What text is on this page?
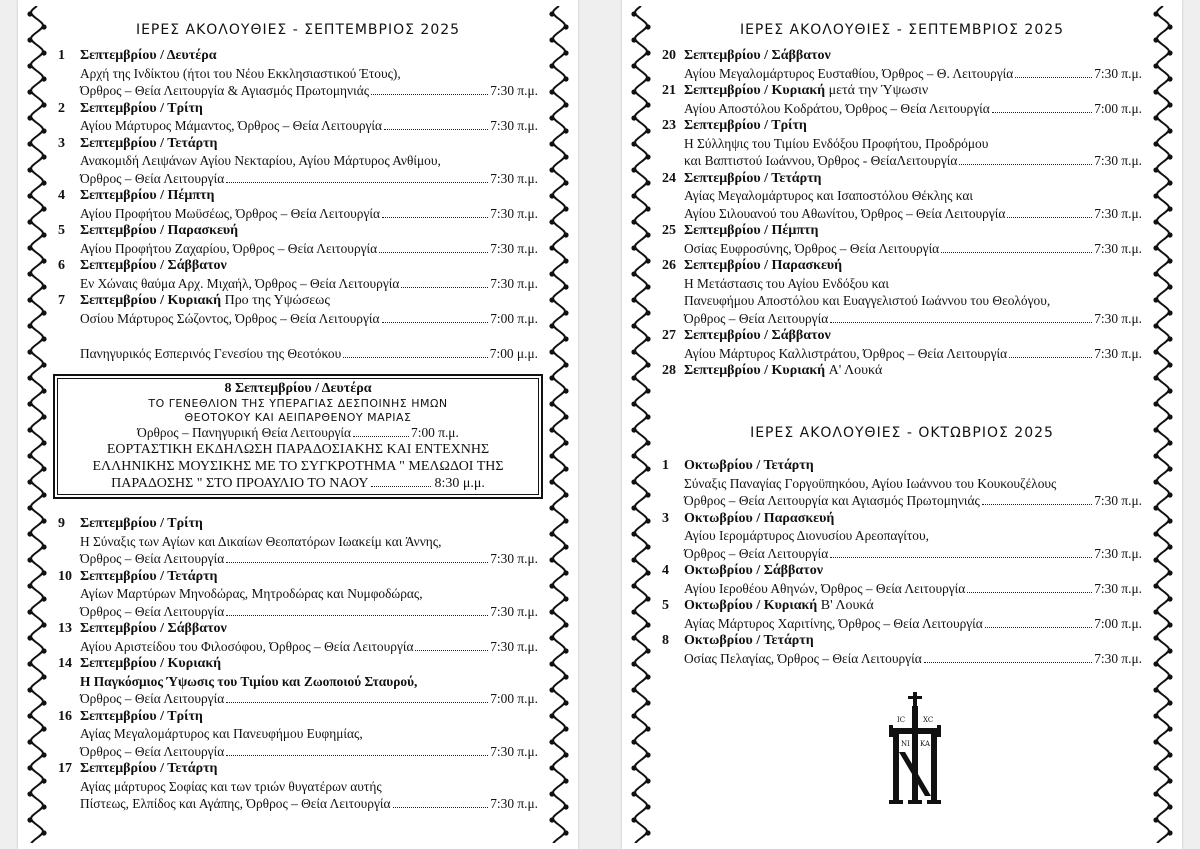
ΙΕΡΕΣ ΑΚΟΛΟΥΘΙΕΣ - ΣΕΠΤΕΜΒΡΙΟΣ 2025
1 Σεπτεμβρίου / Δευτέρα
Αρχή της Ινδίκτου (ήτοι του Νέου Εκκλησιαστικού Έτους),
Όρθρος – Θεία Λειτουργία & Αγιασμός Πρωτομηνιάς	7:30 π.μ.
2 Σεπτεμβρίου / Τρίτη
Αγίου Μάρτυρος Μάμαντος, Όρθρος – Θεία Λειτουργία	7:30 π.μ.
3 Σεπτεμβρίου / Τετάρτη
Ανακομιδή Λειψάνων Αγίου Νεκταρίου, Αγίου Μάρτυρος Ανθίμου,
Όρθρος – Θεία Λειτουργία	7:30 π.μ.
4 Σεπτεμβρίου / Πέμπτη
Αγίου Προφήτου Μωϋσέως, Όρθρος – Θεία Λειτουργία	7:30 π.μ.
5 Σεπτεμβρίου / Παρασκευή
Αγίου Προφήτου Ζαχαρίου, Όρθρος – Θεία Λειτουργία	7:30 π.μ.
6 Σεπτεμβρίου / Σάββατον
Εν Χώναις θαύμα Αρχ. Μιχαήλ, Όρθρος – Θεία Λειτουργία	7:30 π.μ.
7 Σεπτεμβρίου / Κυριακή Προ της Υψώσεως
Οσίου Μάρτυρος Σώζοντος, Όρθρος – Θεία Λειτουργία	7:00 π.μ.
Πανηγυρικός Εσπερινός Γενεσίου της Θεοτόκου	7:00 μ.μ.
8 Σεπτεμβρίου / Δευτέρα
ΤΟ ΓΕΝΕΘΛΙΟΝ ΤΗΣ ΥΠΕΡΑΓΙΑΣ ΔΕΣΠΟΙΝΗΣ ΗΜΩΝ
ΘΕΟΤΟΚΟΥ ΚΑΙ ΑΕΙΠΑΡΘΕΝΟΥ ΜΑΡΙΑΣ
Όρθρος – Πανηγυρική Θεία Λειτουργία	7:00 π.μ.
ΕΟΡΤΑΣΤΙΚΗ ΕΚΔΗΛΩΣΗ ΠΑΡΑΔΟΣΙΑΚΗΣ ΚΑΙ ΕΝΤΕΧΝΗΣ
ΕΛΛΗΝΙΚΗΣ ΜΟΥΣΙΚΗΣ ΜΕ ΤΟ ΣΥΓΚΡΟΤΗΜΑ " ΜΕΛΩΔΟΙ ΤΗΣ
ΠΑΡΑΔΟΣΗΣ " ΣΤΟ ΠΡΟΑΥΛΙΟ ΤΟ ΝΑΟΥ	8:30 μ.μ.
9 Σεπτεμβρίου / Τρίτη
Η Σύναξις των Αγίων και Δικαίων Θεοπατόρων Ιωακείμ και Άννης,
Όρθρος – Θεία Λειτουργία	7:30 π.μ.
10 Σεπτεμβρίου / Τετάρτη
Αγίων Μαρτύρων Μηνοδώρας, Μητροδώρας και Νυμφοδώρας,
Όρθρος – Θεία Λειτουργία	7:30 π.μ.
13 Σεπτεμβρίου / Σάββατον
Αγίου Αριστείδου του Φιλοσόφου, Όρθρος – Θεία Λειτουργία	7:30 π.μ.
14 Σεπτεμβρίου / Κυριακή
Η Παγκόσμιος Ύψωσις του Τιμίου και Ζωοποιού Σταυρού,
Όρθρος – Θεία Λειτουργία	7:00 π.μ.
16 Σεπτεμβρίου / Τρίτη
Αγίας Μεγαλομάρτυρος και Πανευφήμου Ευφημίας,
Όρθρος – Θεία Λειτουργία	7:30 π.μ.
17 Σεπτεμβρίου / Τετάρτη
Αγίας μάρτυρος Σοφίας και των τριών θυγατέρων αυτής
Πίστεως, Ελπίδος και Αγάπης, Όρθρος – Θεία Λειτουργία	7:30 π.μ.
ΙΕΡΕΣ ΑΚΟΛΟΥΘΙΕΣ - ΣΕΠΤΕΜΒΡΙΟΣ 2025
20 Σεπτεμβρίου / Σάββατον
Αγίου Μεγαλομάρτυρος Ευσταθίου, Όρθρος – Θ. Λειτουργία	7:30 π.μ.
21 Σεπτεμβρίου / Κυριακή μετά την Ύψωσιν
Αγίου Αποστόλου Κοδράτου, Όρθρος – Θεία Λειτουργία	7:00 π.μ.
23 Σεπτεμβρίου / Τρίτη
Η Σύλληψις του Τιμίου Ενδόξου Προφήτου, Προδρόμου
και Βαπτιστού Ιωάννου, Όρθρος - ΘείαΛειτουργία	7:30 π.μ.
24 Σεπτεμβρίου / Τετάρτη
Αγίας Μεγαλομάρτυρος και Ισαποστόλου Θέκλης και
Αγίου Σιλουανού του Αθωνίτου, Όρθρος – Θεία Λειτουργία	7:30 π.μ.
25 Σεπτεμβρίου / Πέμπτη
Οσίας Ευφροσύνης, Όρθρος – Θεία Λειτουργία	7:30 π.μ.
26 Σεπτεμβρίου / Παρασκευή
Η Μετάστασις του Αγίου Ενδόξου και
Πανευφήμου Αποστόλου και Ευαγγελιστού Ιωάννου του Θεολόγου,
Όρθρος – Θεία Λειτουργία	7:30 π.μ.
27 Σεπτεμβρίου / Σάββατον
Αγίου Μάρτυρος Καλλιστράτου, Όρθρος – Θεία Λειτουργία	7:30 π.μ.
28 Σεπτεμβρίου / Κυριακή Α' Λουκά
ΙΕΡΕΣ ΑΚΟΛΟΥΘΙΕΣ - ΟΚΤΩΒΡΙΟΣ 2025
1 Οκτωβρίου / Τετάρτη
Σύναξις Παναγίας Γοργοϋπηκόου, Αγίου Ιωάννου του Κουκουζέλους
Όρθρος – Θεία Λειτουργία και Αγιασμός Πρωτομηνιάς	7:30 π.μ.
3 Οκτωβρίου / Παρασκευή
Αγίου Ιερομάρτυρος Διονυσίου Αρεοπαγίτου,
Όρθρος – Θεία Λειτουργία	7:30 π.μ.
4 Οκτωβρίου / Σάββατον
Αγίου Ιεροθέου Αθηνών, Όρθρος – Θεία Λειτουργία	7:30 π.μ.
5 Οκτωβρίου / Κυριακή Β' Λουκά
Αγίας Μάρτυρος Χαριτίνης, Όρθρος – Θεία Λειτουργία	7:00 π.μ.
8 Οκτωβρίου / Τετάρτη
Οσίας Πελαγίας, Όρθρος – Θεία Λειτουργία	7:30 π.μ.
IC	XC
NI KA
